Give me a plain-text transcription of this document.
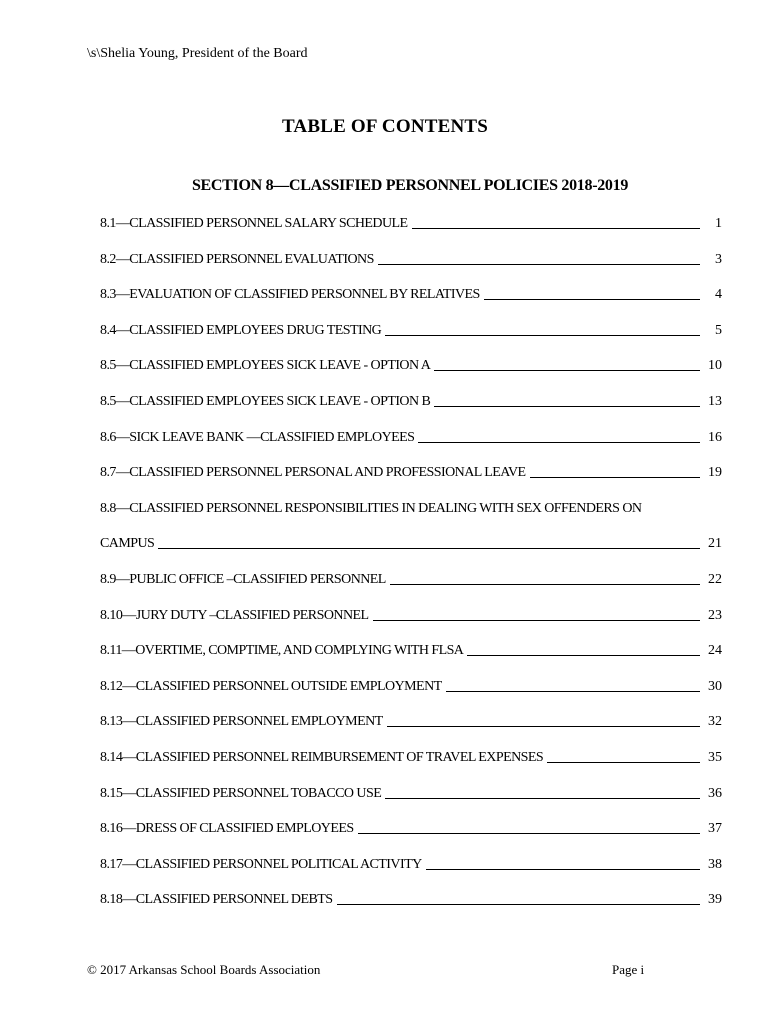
\s\Shelia Young, President of the Board
TABLE OF CONTENTS
SECTION 8—CLASSIFIED PERSONNEL POLICIES 2018-2019
8.1—CLASSIFIED PERSONNEL SALARY SCHEDULE	1
8.2—CLASSIFIED PERSONNEL EVALUATIONS	3
8.3—EVALUATION OF CLASSIFIED PERSONNEL BY RELATIVES	4
8.4—CLASSIFIED EMPLOYEES DRUG TESTING	5
8.5—CLASSIFIED EMPLOYEES SICK LEAVE - OPTION A	10
8.5—CLASSIFIED EMPLOYEES SICK LEAVE - OPTION B	13
8.6—SICK LEAVE BANK —CLASSIFIED EMPLOYEES	16
8.7—CLASSIFIED PERSONNEL PERSONAL AND PROFESSIONAL LEAVE	19
8.8—CLASSIFIED PERSONNEL RESPONSIBILITIES IN DEALING WITH SEX OFFENDERS ON
CAMPUS	21
8.9—PUBLIC OFFICE –CLASSIFIED PERSONNEL	22
8.10—JURY DUTY –CLASSIFIED PERSONNEL	23
8.11—OVERTIME, COMPTIME, AND COMPLYING WITH FLSA	24
8.12—CLASSIFIED PERSONNEL OUTSIDE EMPLOYMENT	30
8.13—CLASSIFIED PERSONNEL EMPLOYMENT	32
8.14—CLASSIFIED PERSONNEL REIMBURSEMENT OF TRAVEL EXPENSES	35
8.15—CLASSIFIED PERSONNEL TOBACCO USE	36
8.16—DRESS OF CLASSIFIED EMPLOYEES	37
8.17—CLASSIFIED PERSONNEL POLITICAL ACTIVITY	38
8.18—CLASSIFIED PERSONNEL DEBTS	39
© 2017 Arkansas School Boards Association	Page i
